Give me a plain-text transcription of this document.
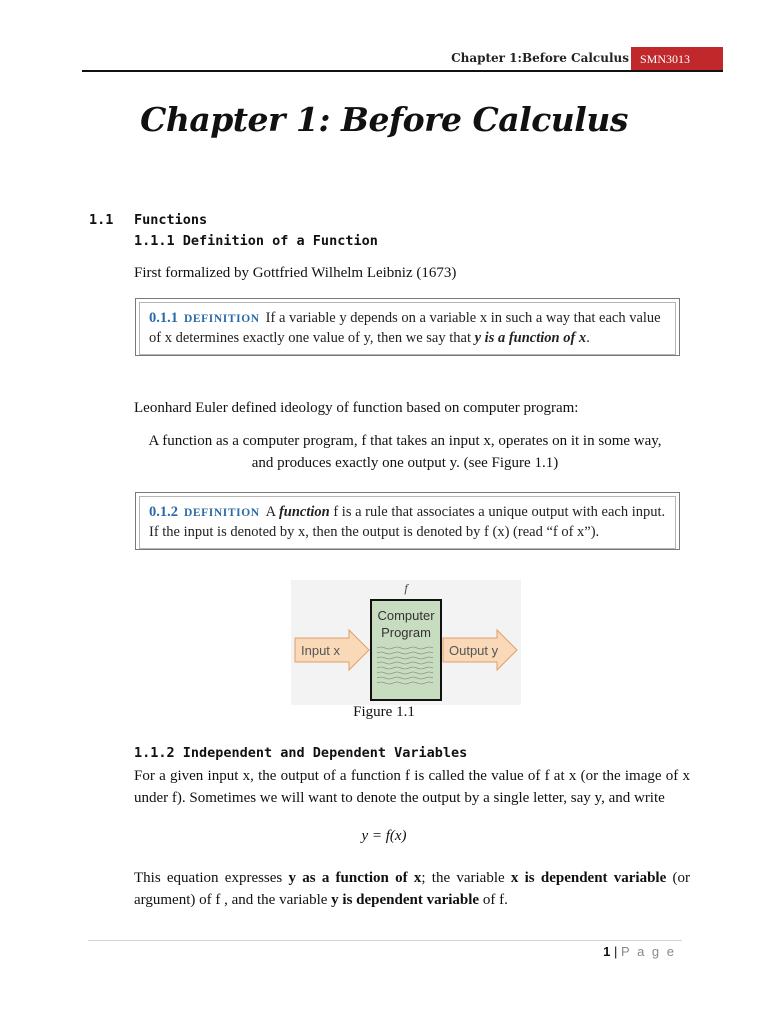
Chapter 1:Before Calculus SMN3013
Chapter 1: Before Calculus
1.1 Functions
1.1.1 Definition of a Function
First formalized by Gottfried Wilhelm Leibniz (1673)
0.1.1 DEFINITION If a variable y depends on a variable x in such a way that each value of x determines exactly one value of y, then we say that y is a function of x.
Leonhard Euler defined ideology of function based on computer program:
A function as a computer program, f that takes an input x, operates on it in some way,
and produces exactly one output y. (see Figure 1.1)
0.1.2 DEFINITION A function f is a rule that associates a unique output with each input. If the input is denoted by x, then the output is denoted by f (x) (read “f of x”).
f
Input x
Computer
Program
Output y
Figure 1.1
1.1.2 Independent and Dependent Variables
For a given input x, the output of a function f is called the value of f at x (or the image of x under f). Sometimes we will want to denote the output by a single letter, say y, and write
y = f(x)
This equation expresses y as a function of x; the variable x is dependent variable (or argument) of f , and the variable y is dependent variable of f.
1 | P a g e
